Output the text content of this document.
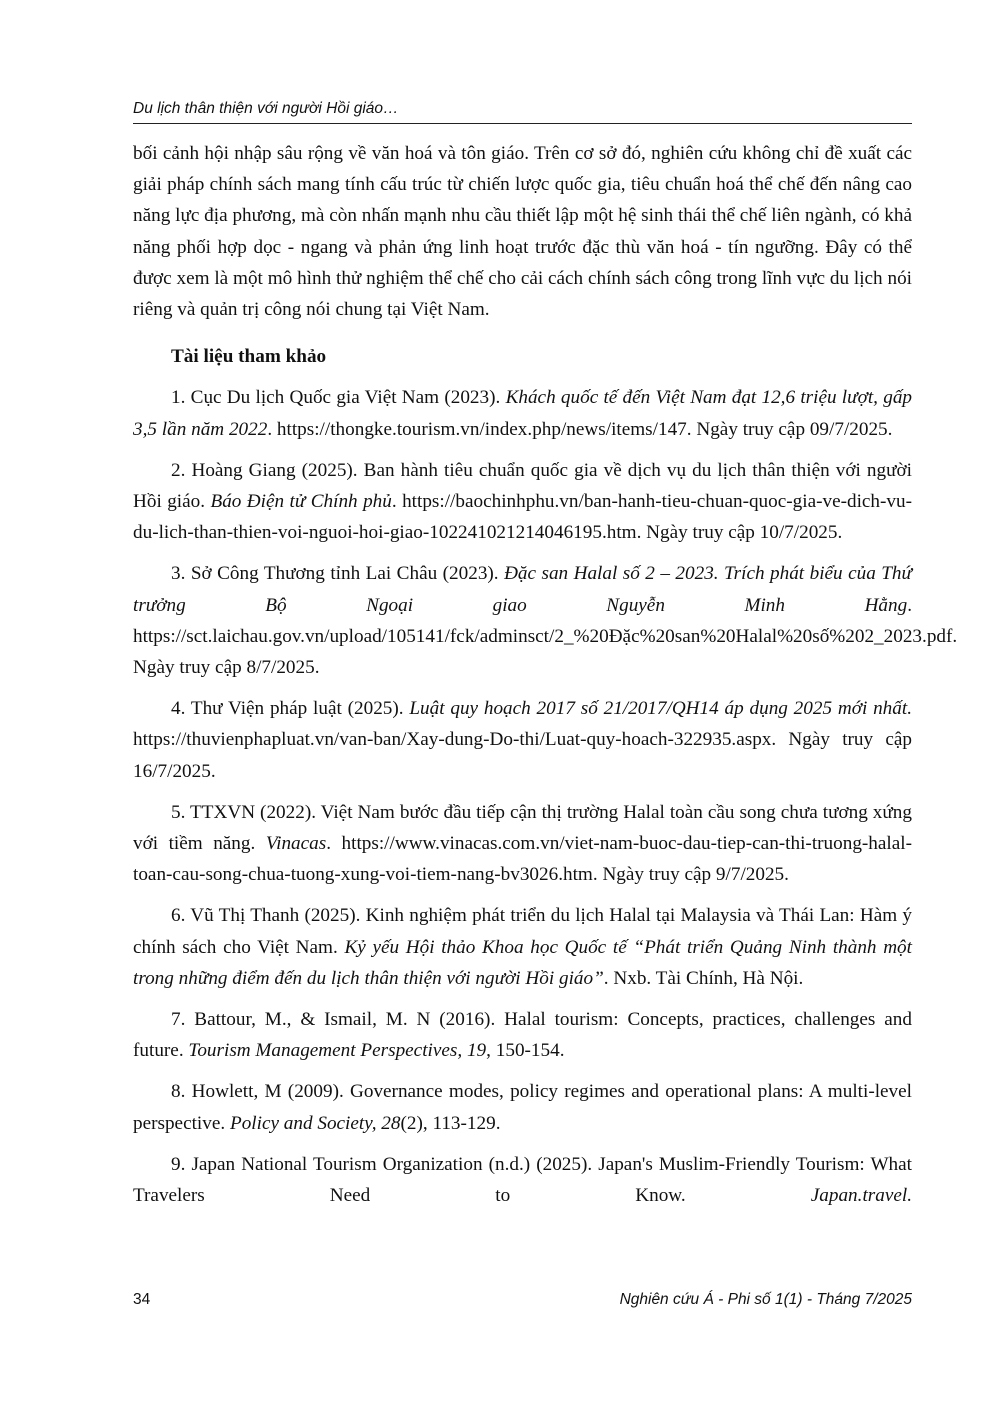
Du lịch thân thiện với người Hồi giáo…

bối cảnh hội nhập sâu rộng về văn hoá và tôn giáo. Trên cơ sở đó, nghiên cứu không chỉ đề xuất các giải pháp chính sách mang tính cấu trúc từ chiến lược quốc gia, tiêu chuẩn hoá thể chế đến nâng cao năng lực địa phương, mà còn nhấn mạnh nhu cầu thiết lập một hệ sinh thái thể chế liên ngành, có khả năng phối hợp dọc - ngang và phản ứng linh hoạt trước đặc thù văn hoá - tín ngưỡng. Đây có thể được xem là một mô hình thử nghiệm thể chế cho cải cách chính sách công trong lĩnh vực du lịch nói riêng và quản trị công nói chung tại Việt Nam.

Tài liệu tham khảo

1. Cục Du lịch Quốc gia Việt Nam (2023). Khách quốc tế đến Việt Nam đạt 12,6 triệu lượt, gấp 3,5 lần năm 2022. https://thongke.tourism.vn/index.php/news/items/147. Ngày truy cập 09/7/2025.

2. Hoàng Giang (2025). Ban hành tiêu chuẩn quốc gia về dịch vụ du lịch thân thiện với người Hồi giáo. Báo Điện tử Chính phủ. https://baochinhphu.vn/ban-hanh-tieu-chuan-quoc-gia-ve-dich-vu-du-lich-than-thien-voi-nguoi-hoi-giao-102241021214046195.htm. Ngày truy cập 10/7/2025.

3. Sở Công Thương tỉnh Lai Châu (2023). Đặc san Halal số 2 – 2023. Trích phát biểu của Thứ trưởng Bộ Ngoại giao Nguyễn Minh Hằng. https://sct.laichau.gov.vn/upload/105141/fck/adminsct/2_%20Đặc%20san%20Halal%20số%202_2023.pdf. Ngày truy cập 8/7/2025.

4. Thư Viện pháp luật (2025). Luật quy hoạch 2017 số 21/2017/QH14 áp dụng 2025 mới nhất. https://thuvienphapluat.vn/van-ban/Xay-dung-Do-thi/Luat-quy-hoach-322935.aspx. Ngày truy cập 16/7/2025.

5. TTXVN (2022). Việt Nam bước đầu tiếp cận thị trường Halal toàn cầu song chưa tương xứng với tiềm năng. Vinacas. https://www.vinacas.com.vn/viet-nam-buoc-dau-tiep-can-thi-truong-halal-toan-cau-song-chua-tuong-xung-voi-tiem-nang-bv3026.htm. Ngày truy cập 9/7/2025.

6. Vũ Thị Thanh (2025). Kinh nghiệm phát triển du lịch Halal tại Malaysia và Thái Lan: Hàm ý chính sách cho Việt Nam. Kỷ yếu Hội thảo Khoa học Quốc tế “Phát triển Quảng Ninh thành một trong những điểm đến du lịch thân thiện với người Hồi giáo”. Nxb. Tài Chính, Hà Nội.

7. Battour, M., & Ismail, M. N (2016). Halal tourism: Concepts, practices, challenges and future. Tourism Management Perspectives, 19, 150-154.

8. Howlett, M (2009). Governance modes, policy regimes and operational plans: A multi-level perspective. Policy and Society, 28(2), 113-129.

9. Japan National Tourism Organization (n.d.) (2025). Japan's Muslim-Friendly Tourism: What Travelers Need to Know. Japan.travel.

34	Nghiên cứu Á - Phi số 1(1) - Tháng 7/2025
